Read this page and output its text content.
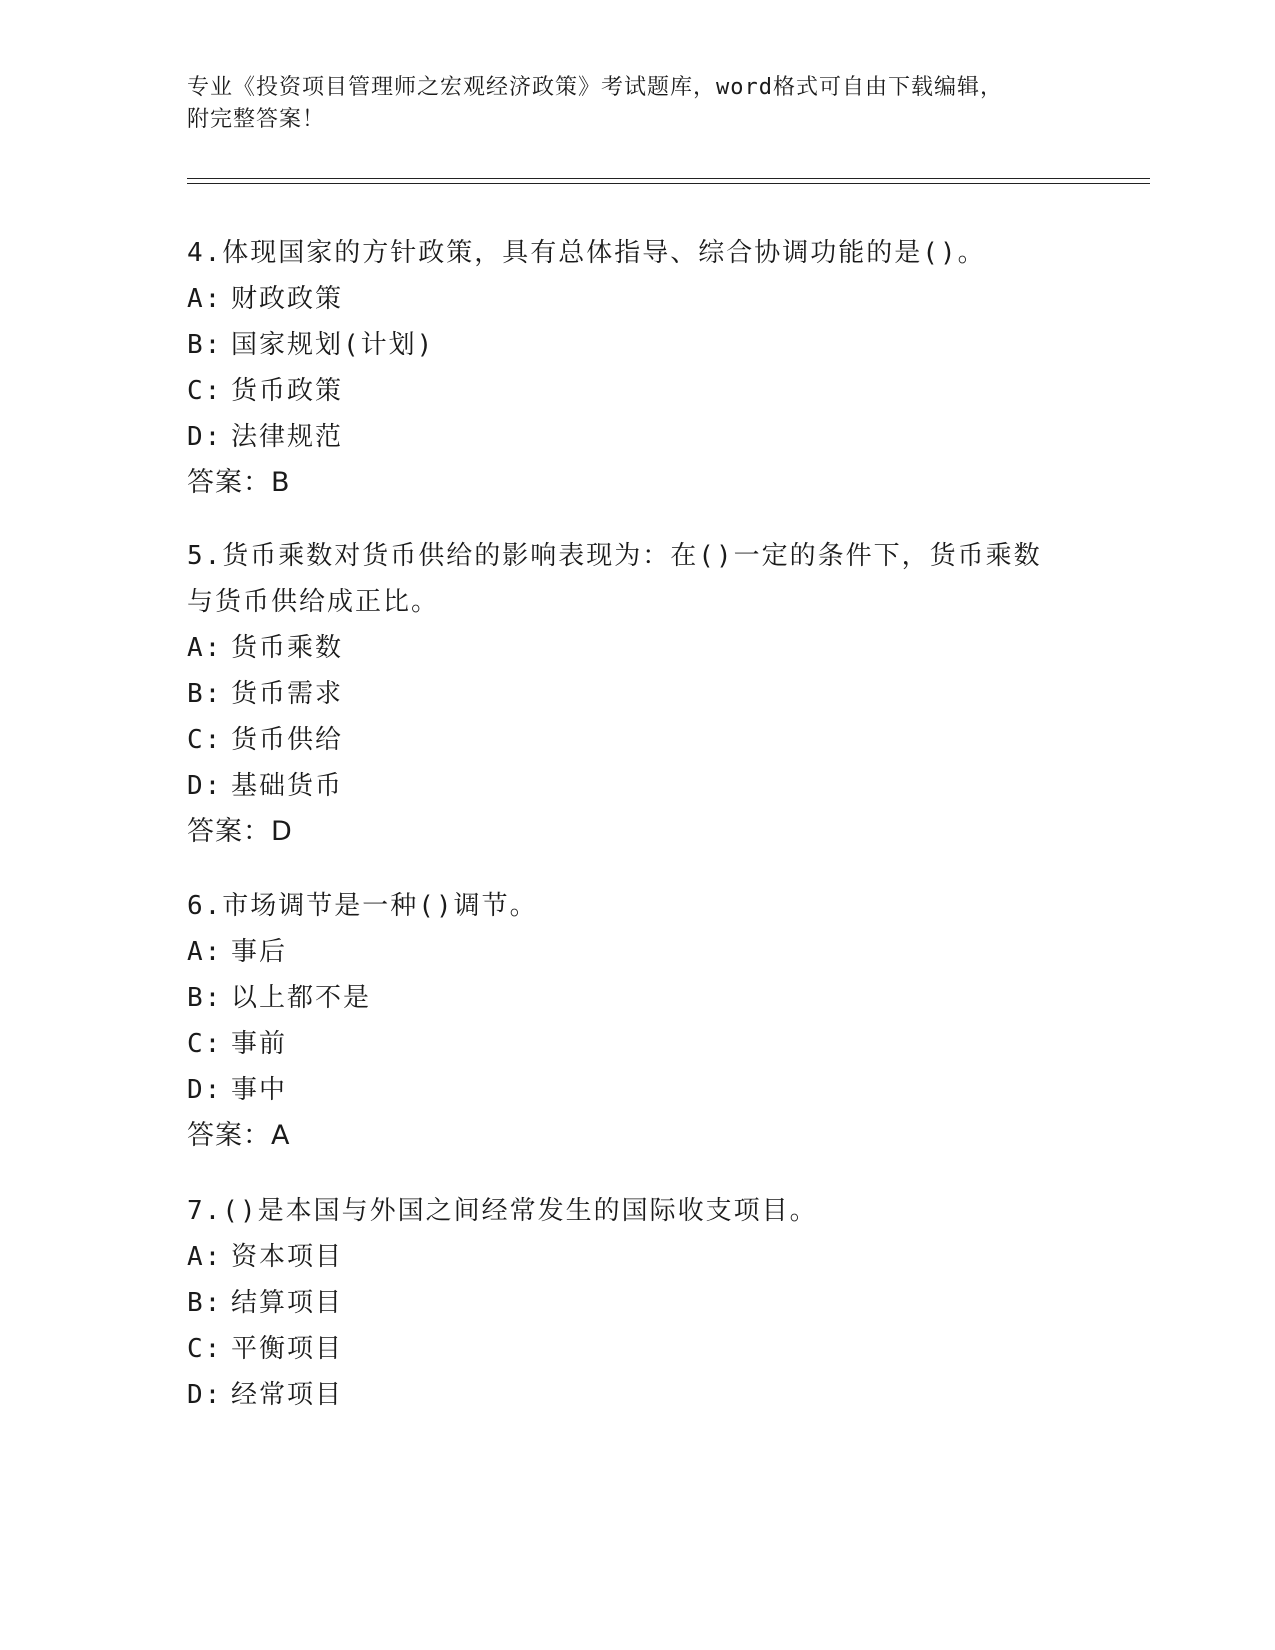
专业《投资项目管理师之宏观经济政策》考试题库，word格式可自由下载编辑，
附完整答案！
4.体现国家的方针政策，具有总体指导、综合协调功能的是()。
A: 财政政策
B: 国家规划(计划)
C: 货币政策
D: 法律规范
答案：B
5.货币乘数对货币供给的影响表现为：在()一定的条件下，货币乘数
与货币供给成正比。
A: 货币乘数
B: 货币需求
C: 货币供给
D: 基础货币
答案：D
6.市场调节是一种()调节。
A: 事后
B: 以上都不是
C: 事前
D: 事中
答案：A
7.()是本国与外国之间经常发生的国际收支项目。
A: 资本项目
B: 结算项目
C: 平衡项目
D: 经常项目
